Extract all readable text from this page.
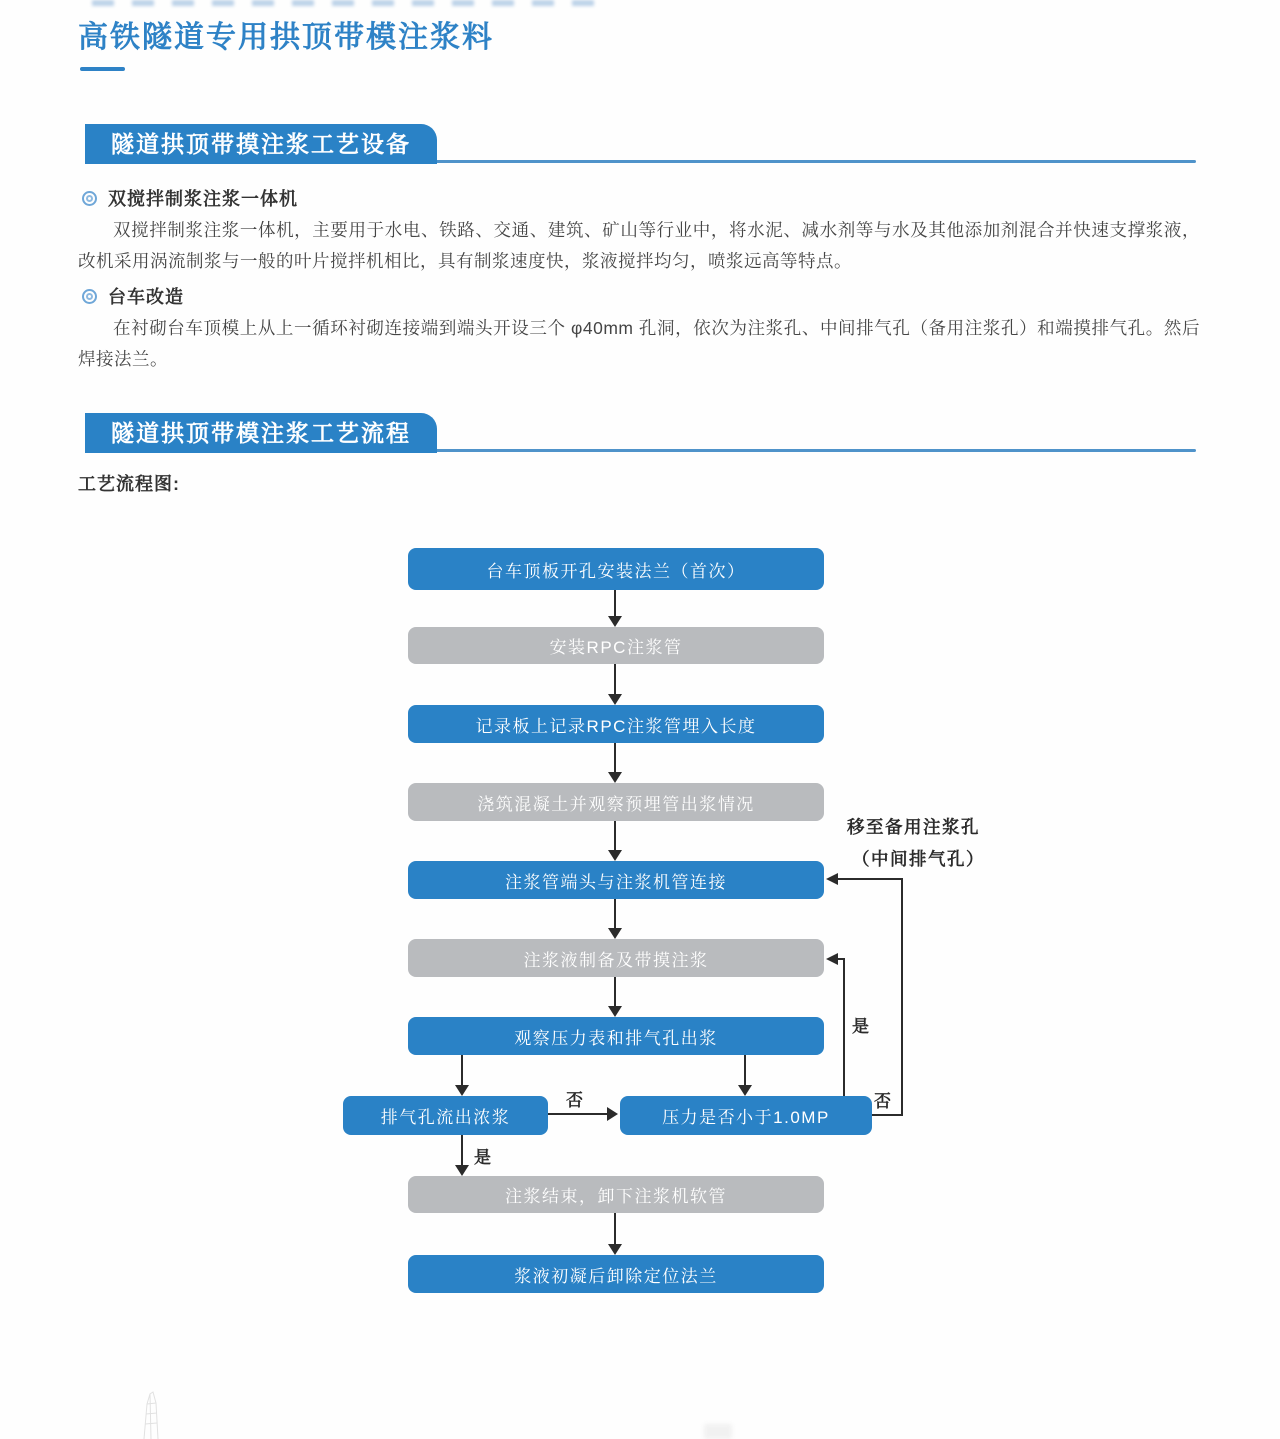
高铁隧道专用拱顶带模注浆料
隧道拱顶带摸注浆工艺设备
双搅拌制浆注浆一体机

双搅拌制浆注浆一体机，主要用于水电、铁路、交通、建筑、矿山等行业中，将水泥、减水剂等与水及其他添加剂混合并快速支撑浆液，改机采用涡流制浆与一般的叶片搅拌机相比，具有制浆速度快，浆液搅拌均匀，喷浆远高等特点。

台车改造

在衬砌台车顶模上从上一循环衬砌连接端到端头开设三个 φ40mm 孔洞，依次为注浆孔、中间排气孔（备用注浆孔）和端摸排气孔。然后焊接法兰。

隧道拱顶带模注浆工艺流程
工艺流程图:
台车顶板开孔安装法兰（首次）
安装RPC注浆管
记录板上记录RPC注浆管埋入长度
浇筑混凝土并观察预埋管出浆情况
注浆管端头与注浆机管连接
注浆液制备及带摸注浆
观察压力表和排气孔出浆
排气孔流出浓浆	压力是否小于1.0MP
注浆结束，卸下注浆机软管
浆液初凝后卸除定位法兰
否
是
是
否
移至备用注浆孔
（中间排气孔）
